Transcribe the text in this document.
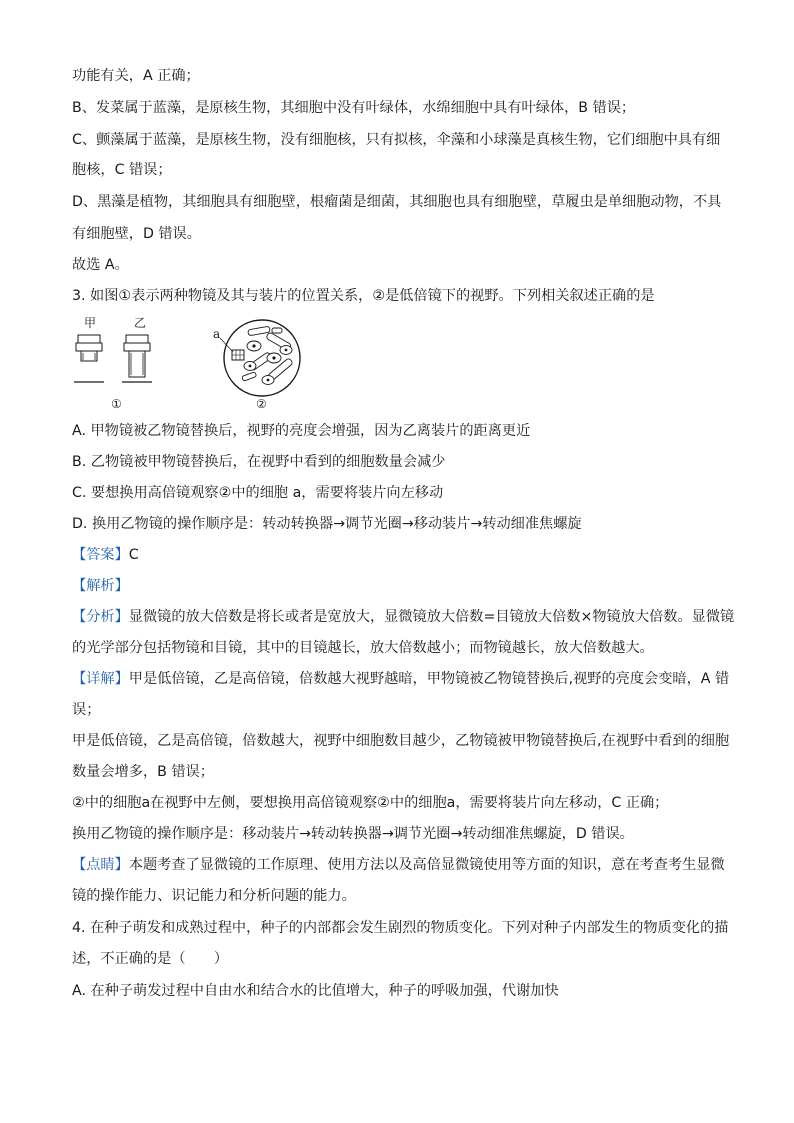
功能有关，A 正确；
B、发菜属于蓝藻，是原核生物，其细胞中没有叶绿体，水绵细胞中具有叶绿体，B 错误；
C、颤藻属于蓝藻，是原核生物，没有细胞核，只有拟核，伞藻和小球藻是真核生物，它们细胞中具有细
胞核，C 错误；
D、黑藻是植物，其细胞具有细胞壁，根瘤菌是细菌，其细胞也具有细胞壁，草履虫是单细胞动物，不具
有细胞壁，D 错误。
故选 A。
3. 如图①表示两种物镜及其与装片的位置关系，②是低倍镜下的视野。下列相关叙述正确的是
甲	乙
①
a
②
A. 甲物镜被乙物镜替换后，视野的亮度会增强，因为乙离装片的距离更近
B. 乙物镜被甲物镜替换后，在视野中看到的细胞数量会减少
C. 要想换用高倍镜观察②中的细胞 a，需要将装片向左移动
D. 换用乙物镜的操作顺序是：转动转换器→调节光圈→移动装片→转动细准焦螺旋
【答案】C
【解析】
【分析】显微镜的放大倍数是将长或者是宽放大，显微镜放大倍数=目镜放大倍数×物镜放大倍数。显微镜
的光学部分包括物镜和目镜，其中的目镜越长，放大倍数越小；而物镜越长，放大倍数越大。
【详解】甲是低倍镜，乙是高倍镜，倍数越大视野越暗，甲物镜被乙物镜替换后,视野的亮度会变暗，A 错
误；
甲是低倍镜，乙是高倍镜，倍数越大，视野中细胞数目越少，乙物镜被甲物镜替换后,在视野中看到的细胞
数量会增多，B 错误；
②中的细胞a在视野中左侧，要想换用高倍镜观察②中的细胞a，需要将装片向左移动，C 正确；
换用乙物镜的操作顺序是：移动装片→转动转换器→调节光圈→转动细准焦螺旋，D 错误。
【点睛】本题考查了显微镜的工作原理、使用方法以及高倍显微镜使用等方面的知识，意在考查考生显微
镜的操作能力、识记能力和分析问题的能力。
4. 在种子萌发和成熟过程中，种子的内部都会发生剧烈的物质变化。下列对种子内部发生的物质变化的描
述，不正确的是（　　）
A. 在种子萌发过程中自由水和结合水的比值增大，种子的呼吸加强，代谢加快
